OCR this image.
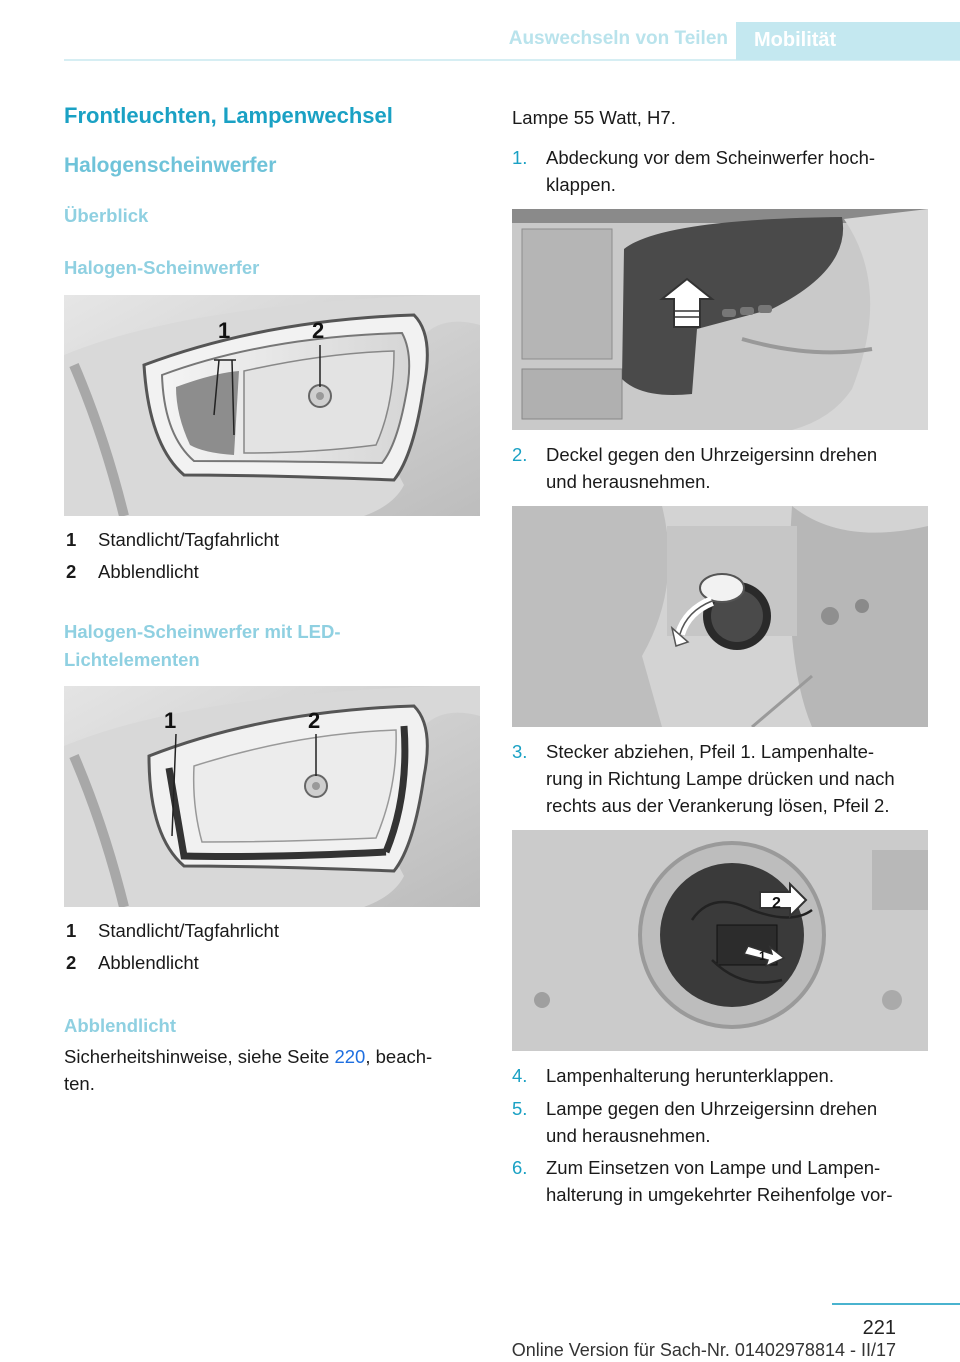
Auswechseln von Teilen	Mobilität
Frontleuchten, Lampenwechsel
Halogenscheinwerfer
Überblick
Halogen-Scheinwerfer
1	2
1 Standlicht/Tagfahrlicht
2 Abblendlicht
Halogen-Scheinwerfer mit LED-
Lichtelementen
1	2
1 Standlicht/Tagfahrlicht
2 Abblendlicht
Abblendlicht
Sicherheitshinweise, siehe Seite 220, beach-
ten.
Lampe 55 Watt, H7.
1. Abdeckung vor dem Scheinwerfer hoch-
klappen.
2. Deckel gegen den Uhrzeigersinn drehen
und herausnehmen.
3. Stecker abziehen, Pfeil 1. Lampenhalte-
rung in Richtung Lampe drücken und nach
rechts aus der Verankerung lösen, Pfeil 2.
2
1
4. Lampenhalterung herunterklappen.
5. Lampe gegen den Uhrzeigersinn drehen
und herausnehmen.
6. Zum Einsetzen von Lampe und Lampen-
halterung in umgekehrter Reihenfolge vor-
221
Online Version für Sach-Nr. 01402978814 - II/17
